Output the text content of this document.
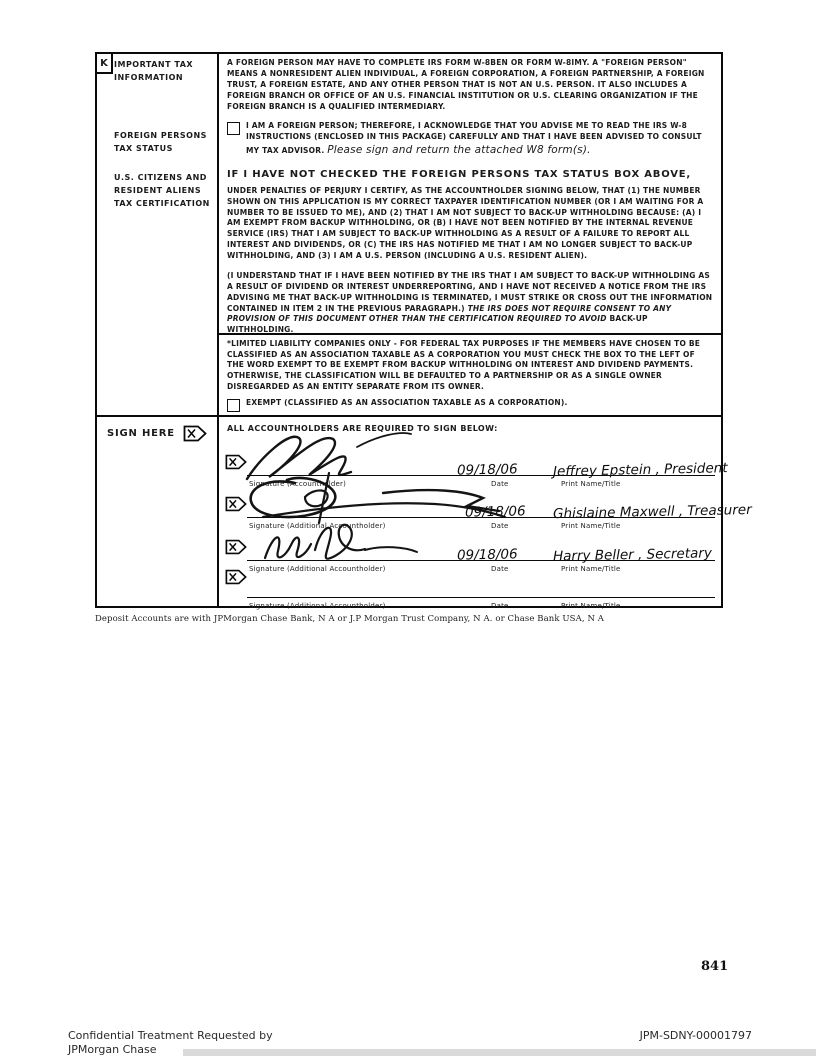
K IMPORTANT TAX INFORMATION
FOREIGN PERSONS TAX STATUS
U.S. CITIZENS AND RESIDENT ALIENS TAX CERTIFICATION

A FOREIGN PERSON MAY HAVE TO COMPLETE IRS FORM W-8BEN OR FORM W-8IMY. A "FOREIGN PERSON" MEANS A NONRESIDENT ALIEN INDIVIDUAL, A FOREIGN CORPORATION, A FOREIGN PARTNERSHIP, A FOREIGN TRUST, A FOREIGN ESTATE, AND ANY OTHER PERSON THAT IS NOT AN U.S. PERSON. IT ALSO INCLUDES A FOREIGN BRANCH OR OFFICE OF AN U.S. FINANCIAL INSTITUTION OR U.S. CLEARING ORGANIZATION IF THE FOREIGN BRANCH IS A QUALIFIED INTERMEDIARY.

I AM A FOREIGN PERSON; THEREFORE, I ACKNOWLEDGE THAT YOU ADVISE ME TO READ THE IRS W-8 INSTRUCTIONS (ENCLOSED IN THIS PACKAGE) CAREFULLY AND THAT I HAVE BEEN ADVISED TO CONSULT MY TAX ADVISOR. Please sign and return the attached W8 form(s).

IF I HAVE NOT CHECKED THE FOREIGN PERSONS TAX STATUS BOX ABOVE,

UNDER PENALTIES OF PERJURY I CERTIFY, AS THE ACCOUNTHOLDER SIGNING BELOW, THAT (1) THE NUMBER SHOWN ON THIS APPLICATION IS MY CORRECT TAXPAYER IDENTIFICATION NUMBER (OR I AM WAITING FOR A NUMBER TO BE ISSUED TO ME), AND (2) THAT I AM NOT SUBJECT TO BACK-UP WITHHOLDING BECAUSE: (A) I AM EXEMPT FROM BACKUP WITHHOLDING, OR (B) I HAVE NOT BEEN NOTIFIED BY THE INTERNAL REVENUE SERVICE (IRS) THAT I AM SUBJECT TO BACK-UP WITHHOLDING AS A RESULT OF A FAILURE TO REPORT ALL INTEREST AND DIVIDENDS, OR (C) THE IRS HAS NOTIFIED ME THAT I AM NO LONGER SUBJECT TO BACK-UP WITHHOLDING, AND (3) I AM A U.S. PERSON (INCLUDING A U.S. RESIDENT ALIEN).

(I UNDERSTAND THAT IF I HAVE BEEN NOTIFIED BY THE IRS THAT I AM SUBJECT TO BACK-UP WITHHOLDING AS A RESULT OF DIVIDEND OR INTEREST UNDERREPORTING, AND I HAVE NOT RECEIVED A NOTICE FROM THE IRS ADVISING ME THAT BACK-UP WITHHOLDING IS TERMINATED, I MUST STRIKE OR CROSS OUT THE INFORMATION CONTAINED IN ITEM 2 IN THE PREVIOUS PARAGRAPH.) THE IRS DOES NOT REQUIRE CONSENT TO ANY PROVISION OF THIS DOCUMENT OTHER THAN THE CERTIFICATION REQUIRED TO AVOID BACK-UP WITHHOLDING.

*LIMITED LIABILITY COMPANIES ONLY - FOR FEDERAL TAX PURPOSES IF THE MEMBERS HAVE CHOSEN TO BE CLASSIFIED AS AN ASSOCIATION TAXABLE AS A CORPORATION YOU MUST CHECK THE BOX TO THE LEFT OF THE WORD EXEMPT TO BE EXEMPT FROM BACKUP WITHHOLDING ON INTEREST AND DIVIDEND PAYMENTS. OTHERWISE, THE CLASSIFICATION WILL BE DEFAULTED TO A PARTNERSHIP OR AS A SINGLE OWNER DISREGARDED AS AN ENTITY SEPARATE FROM ITS OWNER.

EXEMPT (CLASSIFIED AS AN ASSOCIATION TAXABLE AS A CORPORATION).
SIGN HERE	ALL ACCOUNTHOLDERS ARE REQUIRED TO SIGN BELOW:
09/18/06	Jeffrey Epstein , President
Signature (Accountholder)	Date	Print Name/Title
09/18/06 Ghislaine Maxwell , Treasurer
Signature (Additional Accountholder)	Date	Print Name/Title
09/18/06	Harry Beller , Secretary
Signature (Additional Accountholder)	Date	Print Name/Title
Signature (Additional Accountholder)	Date	Print Name/Title
Deposit Accounts are with JPMorgan Chase Bank, N A or J.P Morgan Trust Company, N A. or Chase Bank USA, N A
841
Confidential Treatment Requested by
JPMorgan Chase
JPM-SDNY-00001797
